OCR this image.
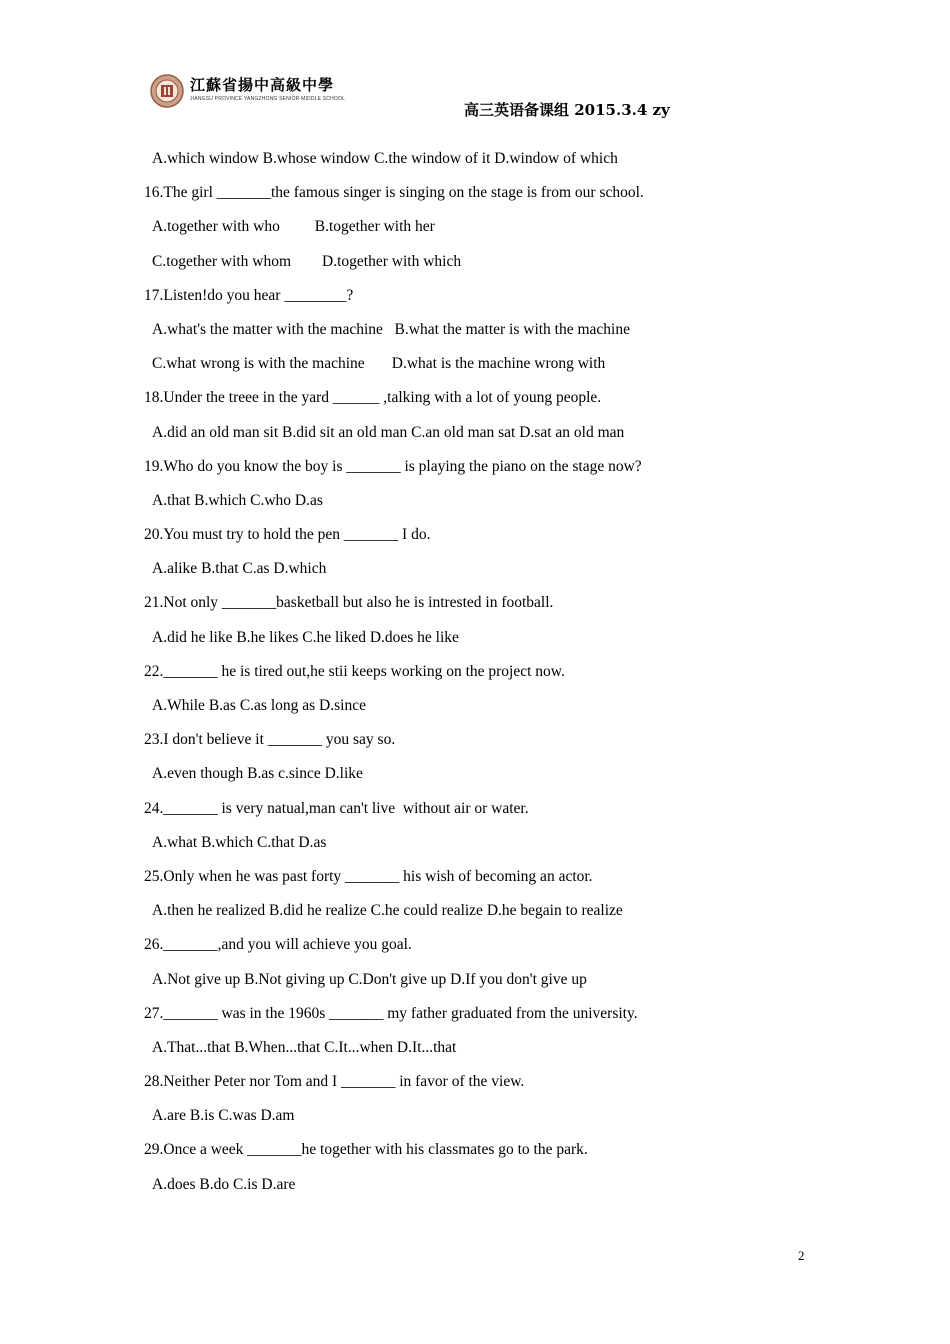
江蘇省揚中高級中學
JIANGSU PROVINCE YANGZHONG SENIOR MIDDLE SCHOOL
高三英语备课组 2015.3.4 zy
A.which window B.whose window C.the window of it D.window of which
16.The girl _______the famous singer is singing on the stage is from our school.
A.together with who         B.together with her
C.together with whom        D.together with which
17.Listen!do you hear ________?
A.what's the matter with the machine   B.what the matter is with the machine
C.what wrong is with the machine       D.what is the machine wrong with
18.Under the treee in the yard ______ ,talking with a lot of young people.
A.did an old man sit B.did sit an old man C.an old man sat D.sat an old man
19.Who do you know the boy is _______ is playing the piano on the stage now?
A.that B.which C.who D.as
20.You must try to hold the pen _______ I do.
A.alike B.that C.as D.which
21.Not only _______basketball but also he is intrested in football.
A.did he like B.he likes C.he liked D.does he like
22._______ he is tired out,he stii keeps working on the project now.
A.While B.as C.as long as D.since
23.I don't believe it _______ you say so.
A.even though B.as c.since D.like
24._______ is very natual,man can't live  without air or water.
A.what B.which C.that D.as
25.Only when he was past forty _______ his wish of becoming an actor.
A.then he realized B.did he realize C.he could realize D.he begain to realize
26._______,and you will achieve you goal.
A.Not give up B.Not giving up C.Don't give up D.If you don't give up
27._______ was in the 1960s _______ my father graduated from the university.
A.That...that B.When...that C.It...when D.It...that
28.Neither Peter nor Tom and I _______ in favor of the view.
A.are B.is C.was D.am
29.Once a week _______he together with his classmates go to the park.
A.does B.do C.is D.are
2
